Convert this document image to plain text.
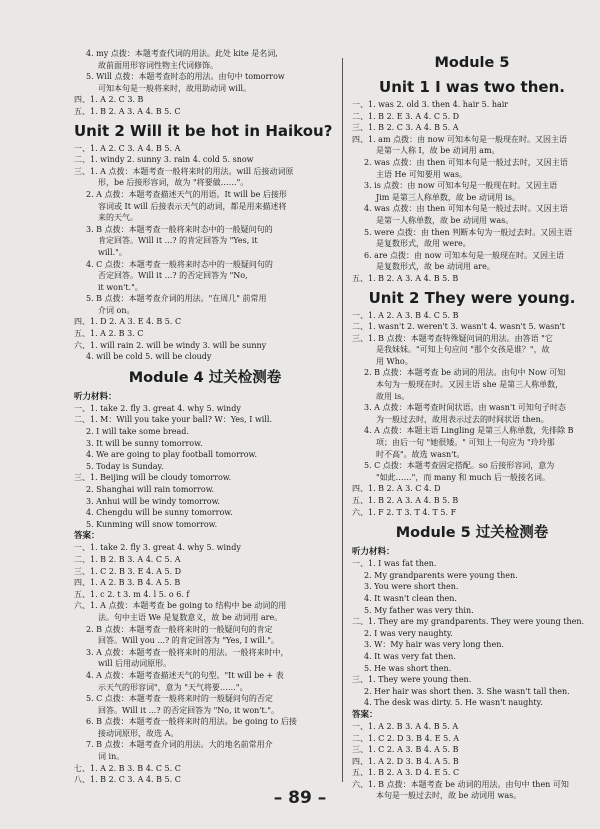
4. my 点拨：本题考查代词的用法。此处 kite 是名词,
故前面用形容词性物主代词修饰。
5. Will 点拨：本题考查时态的用法。由句中 tomorrow
可知本句是一般将来时，故用助动词 will。
四、1. A 2. C 3. B
五、1. B 2. A 3. A 4. B 5. C
Unit 2 Will it be hot in Haikou?
一、1. A 2. C 3. A 4. B 5. A
二、1. windy 2. sunny 3. rain 4. cold 5. snow
三、1. A 点拨：本题考查一般将来时的用法。will 后接动词原
形，be 后接形容词，故为 "将要做……"。
2. A 点拨：本题考查描述天气的用语。It will be 后接形
容词或 It will 后接表示天气的动词，都是用来描述将
来的天气。
3. B 点拨：本题考查一般将来时态中的一般疑问句的
肯定回答。Will it ...? 的肯定回答为 "Yes, it
will."。
4. C 点拨：本题考查一般将来时态中的一般疑问句的
否定回答。Will it ...? 的否定回答为 "No,
it won't."。
5. B 点拨：本题考查介词的用法。"在周几" 前常用
介词 on。
四、1. D 2. A 3. E 4. B 5. C
五、1. A 2. B 3. C
六、1. will rain 2. will be windy 3. will be sunny
4. will be cold 5. will be cloudy
Module 4 过关检测卷
听力材料：
一、1. take 2. fly 3. great 4. why 5. windy
二、1. M：Will you take your ball? W：Yes, I will.
2. I will take some bread.
3. It will be sunny tomorrow.
4. We are going to play football tomorrow.
5. Today is Sunday.
三、1. Beijing will be cloudy tomorrow.
2. Shanghai will rain tomorrow.
3. Anhui will be windy tomorrow.
4. Chengdu will be sunny tomorrow.
5. Kunming will snow tomorrow.
答案：
一、1. take 2. fly 3. great 4. why 5. windy
二、1. B 2. B 3. A 4. C 5. A
三、1. C 2. B 3. E 4. A 5. D
四、1. A 2. B 3. B 4. A 5. B
五、1. c 2. t 3. m 4. l 5. o 6. f
六、1. A 点拨：本题考查 be going to 结构中 be 动词的用
法。句中主语 We 是复数意义，故 be 动词用 are。
2. B 点拨：本题考查一般将来时的一般疑问句的肯定
回答。Will you ...? 的肯定回答为 "Yes, I will."。
3. A 点拨：本题考查一般将来时的用法。一般将来时中，
will 后用动词原形。
4. A 点拨：本题考查描述天气的句型。"It will be + 表
示天气的形容词"，意为 "天气将要……"。
5. C 点拨：本题考查一般将来时的一般疑问句的否定
回答。Will it ...? 的否定回答为 "No, it won't."。
6. B 点拨：本题考查一般将来时的用法。be going to 后接
接动词原形，故选 A。
7. B 点拨：本题考查介词的用法。大的地名前常用介
词 in。
七、1. A 2. B 3. B 4. C 5. C
八、1. B 2. C 3. A 4. B 5. C
Module 5
Unit 1 I was two then.
一、1. was 2. old 3. then 4. hair 5. hair
二、1. B 2. E 3. A 4. C 5. D
三、1. B 2. C 3. A 4. B 5. A
四、1. am 点拨：由 now 可知本句是一般现在时。又因主语
是第一人称 I，故 be 动词用 am。
2. was 点拨：由 then 可知本句是一般过去时，又因主语
主语 He 可知要用 was。
3. is 点拨：由 now 可知本句是一般现在时。又因主语
Jim 是第三人称单数，故 be 动词用 is。
4. was 点拨：由 then 可知本句是一般过去时。又因主语
是第一人称单数，故 be 动词用 was。
5. were 点拨：由 then 判断本句为一般过去时。又因主语
是复数形式，故用 were。
6. are 点拨：由 now 可知本句是一般现在时。又因主语
是复数形式，故 be 动词用 are。
五、1. B 2. A 3. A 4. B 5. B
Unit 2 They were young.
一、1. A 2. A 3. B 4. C 5. B
二、1. wasn't 2. weren't 3. wasn't 4. wasn't 5. wasn't
三、1. B 点拨：本题考查特殊疑问词的用法。由答语 "它
是我妹妹。"可知上句应问 "那个女孩是谁？"，故
用 Who。
2. B 点拨：本题考查 be 动词的用法。由句中 Now 可知
本句为一般现在时。又因主语 she 是第三人称单数，
故用 is。
3. A 点拨：本题考查时间状语。由 wasn't 可知句子时态
为一般过去时，故用表示过去的时间状语 then。
4. A 点拨：本题主语 Lingling 是第三人称单数，先排除 B
项；由后一句 "她很矮。" 可知上一句应为 "玲玲那
时不高"。故选 wasn't。
5. C 点拨：本题考查固定搭配。so 后接形容词，意为
"如此……"，而 many 和 much 后一般接名词。
四、1. B 2. A 3. C 4. D
五、1. B 2. A 3. A 4. B 5. B
六、1. F 2. T 3. T 4. T 5. F
Module 5 过关检测卷
听力材料：
一、1. I was fat then.
2. My grandparents were young then.
3. You were short then.
4. It wasn't clean then.
5. My father was very thin.
二、1. They are my grandparents. They were young then.
2. I was very naughty.
3. W：My hair was very long then.
4. It was very fat then.
5. He was short then.
三、1. They were young then.
2. Her hair was short then. 3. She wasn't tall then.
4. The desk was dirty. 5. He wasn't naughty.
答案：
一、1. A 2. B 3. A 4. B 5. A
二、1. C 2. D 3. B 4. E 5. A
三、1. C 2. A 3. B 4. A 5. B
四、1. A 2. D 3. B 4. A 5. B
五、1. B 2. A 3. D 4. E 5. C
六、1. B 点拨：本题考查 be 动词的用法。由句中 then 可知
本句是一般过去时，故 be 动词用 was。
– 89 –
